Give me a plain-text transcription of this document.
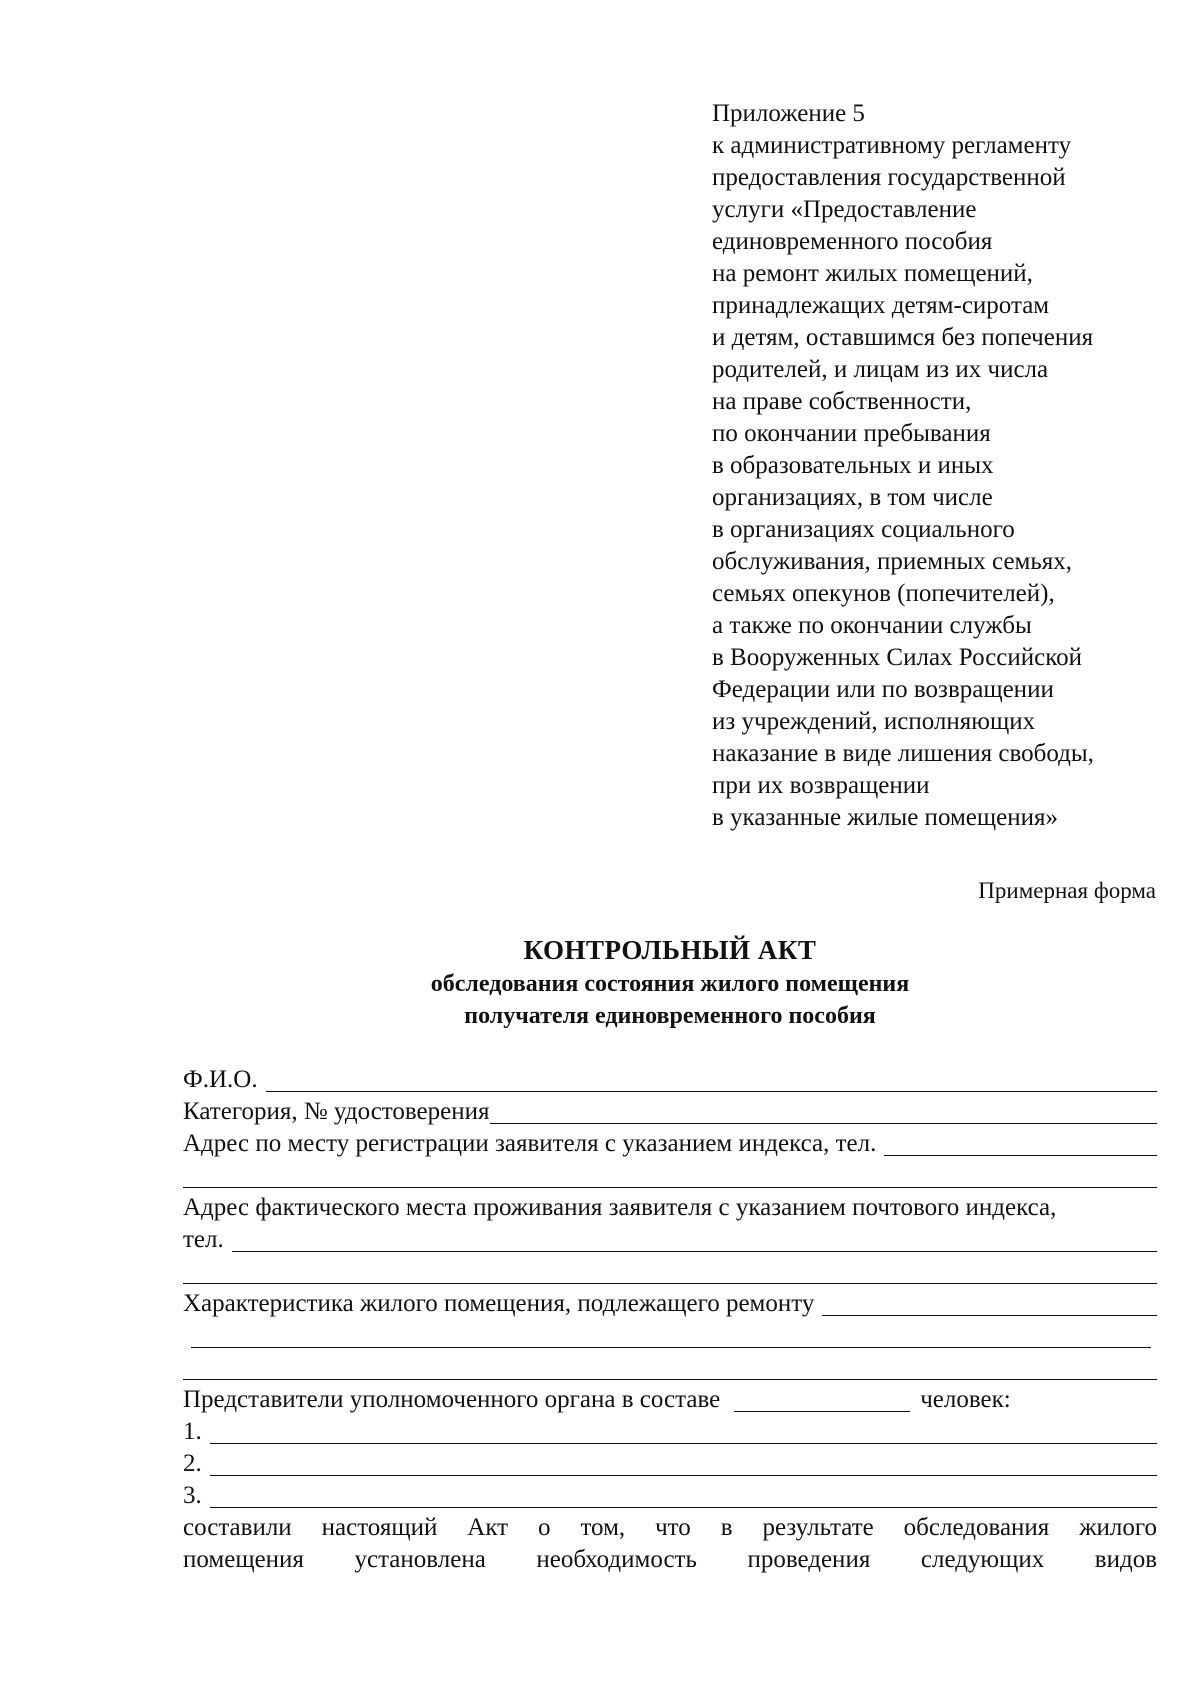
Приложение 5
к административному регламенту
предоставления государственной
услуги «Предоставление
единовременного пособия
на ремонт жилых помещений,
принадлежащих детям-сиротам
и детям, оставшимся без попечения
родителей, и лицам из их числа
на праве собственности,
по окончании пребывания
в образовательных и иных
организациях, в том числе
в организациях социального
обслуживания, приемных семьях,
семьях опекунов (попечителей),
а также по окончании службы
в Вооруженных Силах Российской
Федерации или по возвращении
из учреждений, исполняющих
наказание в виде лишения свободы,
при их возвращении
в указанные жилые помещения»
Примерная форма
КОНТРОЛЬНЫЙ АКТ
обследования состояния жилого помещения
получателя единовременного пособия
Ф.И.О.
Категория, № удостоверения
Адрес по месту регистрации заявителя с указанием индекса, тел.
Адрес фактического места проживания заявителя с указанием почтового индекса,
тел.
Характеристика жилого помещения, подлежащего ремонту
Представители уполномоченного органа в составе	человек:
1.
2.
3.
составили настоящий Акт о том, что в результате обследования жилого
помещения установлена необходимость проведения следующих видов
